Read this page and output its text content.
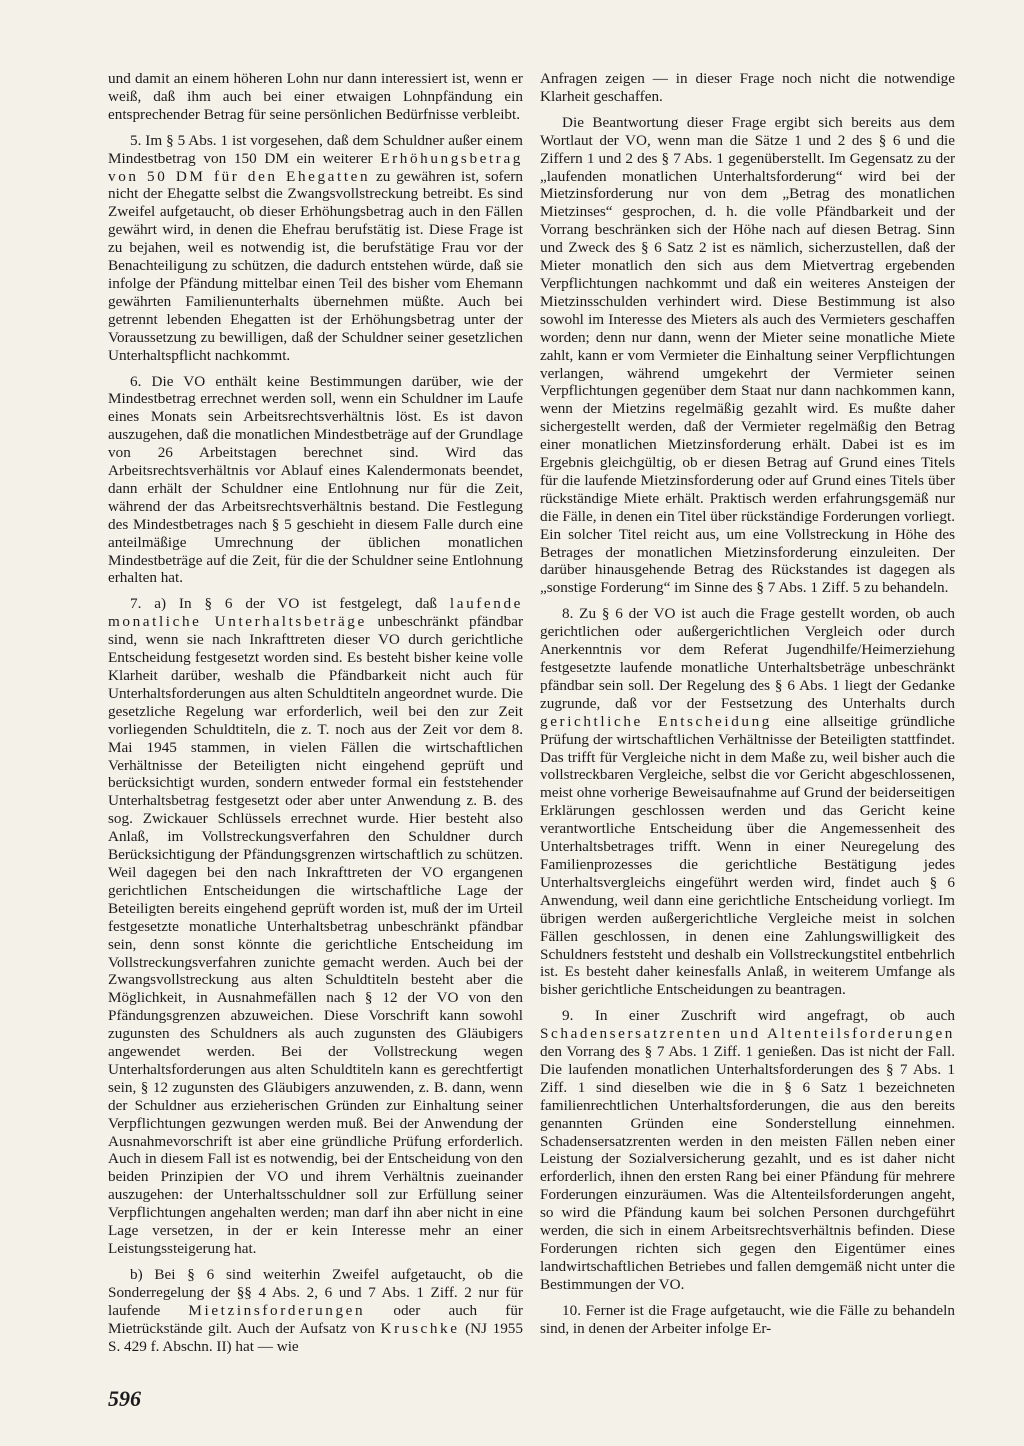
und damit an einem höheren Lohn nur dann interessiert ist, wenn er weiß, daß ihm auch bei einer etwaigen Lohnpfändung ein entsprechender Betrag für seine persönlichen Bedürfnisse verbleibt.

5. Im § 5 Abs. 1 ist vorgesehen, daß dem Schuldner außer einem Mindestbetrag von 150 DM ein weiterer Erhöhungsbetrag von 50 DM für den Ehegatten zu gewähren ist, sofern nicht der Ehegatte selbst die Zwangsvollstreckung betreibt. Es sind Zweifel aufgetaucht, ob dieser Erhöhungsbetrag auch in den Fällen gewährt wird, in denen die Ehefrau berufstätig ist. Diese Frage ist zu bejahen, weil es notwendig ist, die berufstätige Frau vor der Benachteiligung zu schützen, die dadurch entstehen würde, daß sie infolge der Pfändung mittelbar einen Teil des bisher vom Ehemann gewährten Familienunterhalts übernehmen müßte. Auch bei getrennt lebenden Ehegatten ist der Erhöhungsbetrag unter der Voraussetzung zu bewilligen, daß der Schuldner seiner gesetzlichen Unterhaltspflicht nachkommt.

6. Die VO enthält keine Bestimmungen darüber, wie der Mindestbetrag errechnet werden soll, wenn ein Schuldner im Laufe eines Monats sein Arbeitsrechtsverhältnis löst. Es ist davon auszugehen, daß die monatlichen Mindestbeträge auf der Grundlage von 26 Arbeitstagen berechnet sind. Wird das Arbeitsrechtsverhältnis vor Ablauf eines Kalendermonats beendet, dann erhält der Schuldner eine Entlohnung nur für die Zeit, während der das Arbeitsrechtsverhältnis bestand. Die Festlegung des Mindestbetrages nach § 5 geschieht in diesem Falle durch eine anteilmäßige Umrechnung der üblichen monatlichen Mindestbeträge auf die Zeit, für die der Schuldner seine Entlohnung erhalten hat.

7. a) In § 6 der VO ist festgelegt, daß laufende monatliche Unterhaltsbeträge unbeschränkt pfändbar sind, wenn sie nach Inkrafttreten dieser VO durch gerichtliche Entscheidung festgesetzt worden sind. Es besteht bisher keine volle Klarheit darüber, weshalb die Pfändbarkeit nicht auch für Unterhaltsforderungen aus alten Schuldtiteln angeordnet wurde. Die gesetzliche Regelung war erforderlich, weil bei den zur Zeit vorliegenden Schuldtiteln, die z. T. noch aus der Zeit vor dem 8. Mai 1945 stammen, in vielen Fällen die wirtschaftlichen Verhältnisse der Beteiligten nicht eingehend geprüft und berücksichtigt wurden, sondern entweder formal ein feststehender Unterhaltsbetrag festgesetzt oder aber unter Anwendung z. B. des sog. Zwickauer Schlüssels errechnet wurde. Hier besteht also Anlaß, im Vollstreckungsverfahren den Schuldner durch Berücksichtigung der Pfändungsgrenzen wirtschaftlich zu schützen. Weil dagegen bei den nach Inkrafttreten der VO ergangenen gerichtlichen Entscheidungen die wirtschaftliche Lage der Beteiligten bereits eingehend geprüft worden ist, muß der im Urteil festgesetzte monatliche Unterhaltsbetrag unbeschränkt pfändbar sein, denn sonst könnte die gerichtliche Entscheidung im Vollstreckungsverfahren zunichte gemacht werden. Auch bei der Zwangsvollstreckung aus alten Schuldtiteln besteht aber die Möglichkeit, in Ausnahmefällen nach § 12 der VO von den Pfändungsgrenzen abzuweichen. Diese Vorschrift kann sowohl zugunsten des Schuldners als auch zugunsten des Gläubigers angewendet werden. Bei der Vollstreckung wegen Unterhaltsforderungen aus alten Schuldtiteln kann es gerechtfertigt sein, § 12 zugunsten des Gläubigers anzuwenden, z. B. dann, wenn der Schuldner aus erzieherischen Gründen zur Einhaltung seiner Verpflichtungen gezwungen werden muß. Bei der Anwendung der Ausnahmevorschrift ist aber eine gründliche Prüfung erforderlich. Auch in diesem Fall ist es notwendig, bei der Entscheidung von den beiden Prinzipien der VO und ihrem Verhältnis zueinander auszugehen: der Unterhaltsschuldner soll zur Erfüllung seiner Verpflichtungen angehalten werden; man darf ihn aber nicht in eine Lage versetzen, in der er kein Interesse mehr an einer Leistungssteigerung hat.

b) Bei § 6 sind weiterhin Zweifel aufgetaucht, ob die Sonderregelung der §§ 4 Abs. 2, 6 und 7 Abs. 1 Ziff. 2 nur für laufende Mietzinsforderungen oder auch für Mietrückstände gilt. Auch der Aufsatz von Kruschke (NJ 1955 S. 429 f. Abschn. II) hat — wie

Anfragen zeigen — in dieser Frage noch nicht die notwendige Klarheit geschaffen.

Die Beantwortung dieser Frage ergibt sich bereits aus dem Wortlaut der VO, wenn man die Sätze 1 und 2 des § 6 und die Ziffern 1 und 2 des § 7 Abs. 1 gegenüberstellt. Im Gegensatz zu der „laufenden monatlichen Unterhaltsforderung“ wird bei der Mietzinsforderung nur von dem „Betrag des monatlichen Mietzinses“ gesprochen, d. h. die volle Pfändbarkeit und der Vorrang beschränken sich der Höhe nach auf diesen Betrag. Sinn und Zweck des § 6 Satz 2 ist es nämlich, sicherzustellen, daß der Mieter monatlich den sich aus dem Mietvertrag ergebenden Verpflichtungen nachkommt und daß ein weiteres Ansteigen der Mietzinsschulden verhindert wird. Diese Bestimmung ist also sowohl im Interesse des Mieters als auch des Vermieters geschaffen worden; denn nur dann, wenn der Mieter seine monatliche Miete zahlt, kann er vom Vermieter die Einhaltung seiner Verpflichtungen verlangen, während umgekehrt der Vermieter seinen Verpflichtungen gegenüber dem Staat nur dann nachkommen kann, wenn der Mietzins regelmäßig gezahlt wird. Es mußte daher sichergestellt werden, daß der Vermieter regelmäßig den Betrag einer monatlichen Mietzinsforderung erhält. Dabei ist es im Ergebnis gleichgültig, ob er diesen Betrag auf Grund eines Titels für die laufende Mietzinsforderung oder auf Grund eines Titels über rückständige Miete erhält. Praktisch werden erfahrungsgemäß nur die Fälle, in denen ein Titel über rückständige Forderungen vorliegt. Ein solcher Titel reicht aus, um eine Vollstreckung in Höhe des Betrages der monatlichen Mietzinsforderung einzuleiten. Der darüber hinausgehende Betrag des Rückstandes ist dagegen als „sonstige Forderung“ im Sinne des § 7 Abs. 1 Ziff. 5 zu behandeln.

8. Zu § 6 der VO ist auch die Frage gestellt worden, ob auch gerichtlichen oder außergerichtlichen Vergleich oder durch Anerkenntnis vor dem Referat Jugendhilfe/Heimerziehung festgesetzte laufende monatliche Unterhaltsbeträge unbeschränkt pfändbar sein soll. Der Regelung des § 6 Abs. 1 liegt der Gedanke zugrunde, daß vor der Festsetzung des Unterhalts durch gerichtliche Entscheidung eine allseitige gründliche Prüfung der wirtschaftlichen Verhältnisse der Beteiligten stattfindet. Das trifft für Vergleiche nicht in dem Maße zu, weil bisher auch die vollstreckbaren Vergleiche, selbst die vor Gericht abgeschlossenen, meist ohne vorherige Beweisaufnahme auf Grund der beiderseitigen Erklärungen geschlossen werden und das Gericht keine verantwortliche Entscheidung über die Angemessenheit des Unterhaltsbetrages trifft. Wenn in einer Neuregelung des Familienprozesses die gerichtliche Bestätigung jedes Unterhaltsvergleichs eingeführt werden wird, findet auch § 6 Anwendung, weil dann eine gerichtliche Entscheidung vorliegt. Im übrigen werden außergerichtliche Vergleiche meist in solchen Fällen geschlossen, in denen eine Zahlungswilligkeit des Schuldners feststeht und deshalb ein Vollstreckungstitel entbehrlich ist. Es besteht daher keinesfalls Anlaß, in weiterem Umfange als bisher gerichtliche Entscheidungen zu beantragen.

9. In einer Zuschrift wird angefragt, ob auch Schadensersatzrenten und Altenteilsforderungen den Vorrang des § 7 Abs. 1 Ziff. 1 genießen. Das ist nicht der Fall. Die laufenden monatlichen Unterhaltsforderungen des § 7 Abs. 1 Ziff. 1 sind dieselben wie die in § 6 Satz 1 bezeichneten familienrechtlichen Unterhaltsforderungen, die aus den bereits genannten Gründen eine Sonderstellung einnehmen. Schadensersatzrenten werden in den meisten Fällen neben einer Leistung der Sozialversicherung gezahlt, und es ist daher nicht erforderlich, ihnen den ersten Rang bei einer Pfändung für mehrere Forderungen einzuräumen. Was die Altenteilsforderungen angeht, so wird die Pfändung kaum bei solchen Personen durchgeführt werden, die sich in einem Arbeitsrechtsverhältnis befinden. Diese Forderungen richten sich gegen den Eigentümer eines landwirtschaftlichen Betriebes und fallen demgemäß nicht unter die Bestimmungen der VO.

10. Ferner ist die Frage aufgetaucht, wie die Fälle zu behandeln sind, in denen der Arbeiter infolge Er-

596
